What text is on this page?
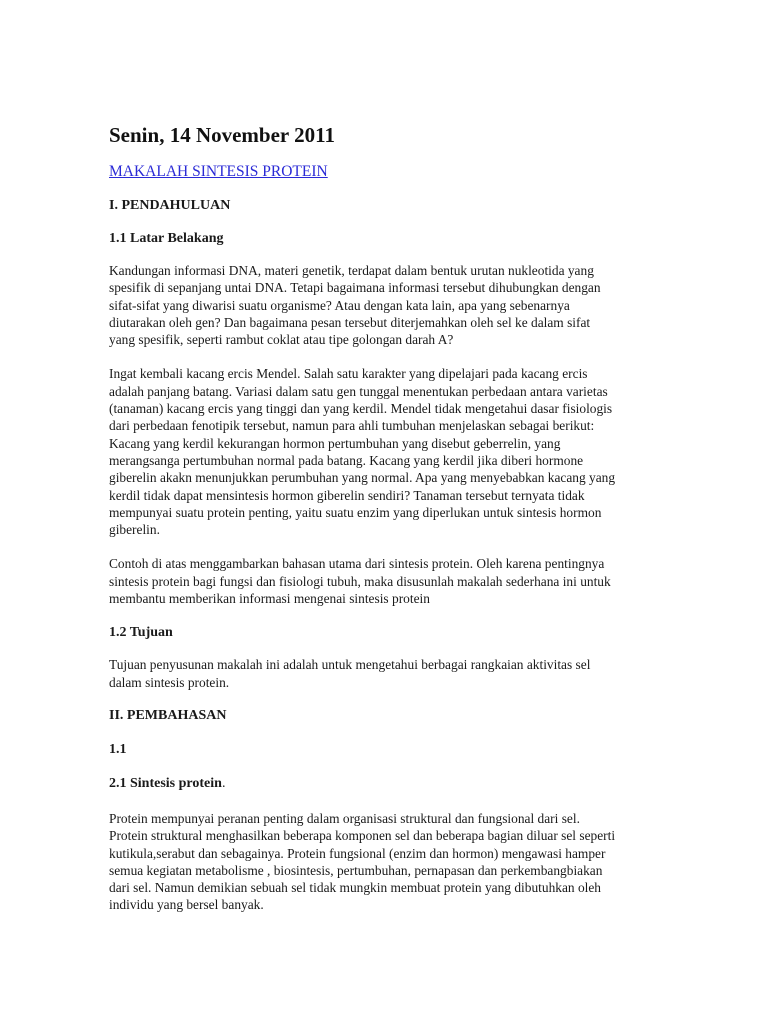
Senin, 14 November 2011
MAKALAH SINTESIS PROTEIN

I. PENDAHULUAN

1.1 Latar Belakang

Kandungan informasi DNA, materi genetik, terdapat dalam bentuk urutan nukleotida yang
spesifik di sepanjang untai DNA. Tetapi bagaimana informasi tersebut dihubungkan dengan
sifat-sifat yang diwarisi suatu organisme? Atau dengan kata lain, apa yang sebenarnya
diutarakan oleh gen? Dan bagaimana pesan tersebut diterjemahkan oleh sel ke dalam sifat
yang spesifik, seperti rambut coklat atau tipe golongan darah A?
Ingat kembali kacang ercis Mendel. Salah satu karakter yang dipelajari pada kacang ercis
adalah panjang batang. Variasi dalam satu gen tunggal menentukan perbedaan antara varietas
(tanaman) kacang ercis yang tinggi dan yang kerdil. Mendel tidak mengetahui dasar fisiologis
dari perbedaan fenotipik tersebut, namun para ahli tumbuhan menjelaskan sebagai berikut:
Kacang yang kerdil kekurangan hormon pertumbuhan yang disebut geberrelin, yang
merangsanga pertumbuhan normal pada batang. Kacang yang kerdil jika diberi hormone
giberelin akakn menunjukkan perumbuhan yang normal. Apa yang menyebabkan kacang yang
kerdil tidak dapat mensintesis hormon giberelin sendiri? Tanaman tersebut ternyata tidak
mempunyai suatu protein penting, yaitu suatu enzim yang diperlukan untuk sintesis hormon
giberelin.
Contoh di atas menggambarkan bahasan utama dari sintesis protein. Oleh karena pentingnya
sintesis protein bagi fungsi dan fisiologi tubuh, maka disusunlah makalah sederhana ini untuk
membantu memberikan informasi mengenai sintesis protein

1.2 Tujuan

Tujuan penyusunan makalah ini adalah untuk mengetahui berbagai rangkaian aktivitas sel
dalam sintesis protein.

II. PEMBAHASAN

1.1

2.1 Sintesis protein.

Protein mempunyai peranan penting dalam organisasi struktural dan fungsional dari sel.
Protein struktural menghasilkan beberapa komponen sel dan beberapa bagian diluar sel seperti
kutikula,serabut dan sebagainya. Protein fungsional (enzim dan hormon) mengawasi hamper
semua kegiatan metabolisme , biosintesis, pertumbuhan, pernapasan dan perkembangbiakan
dari sel. Namun demikian sebuah sel tidak mungkin membuat protein yang dibutuhkan oleh
individu yang bersel banyak.
